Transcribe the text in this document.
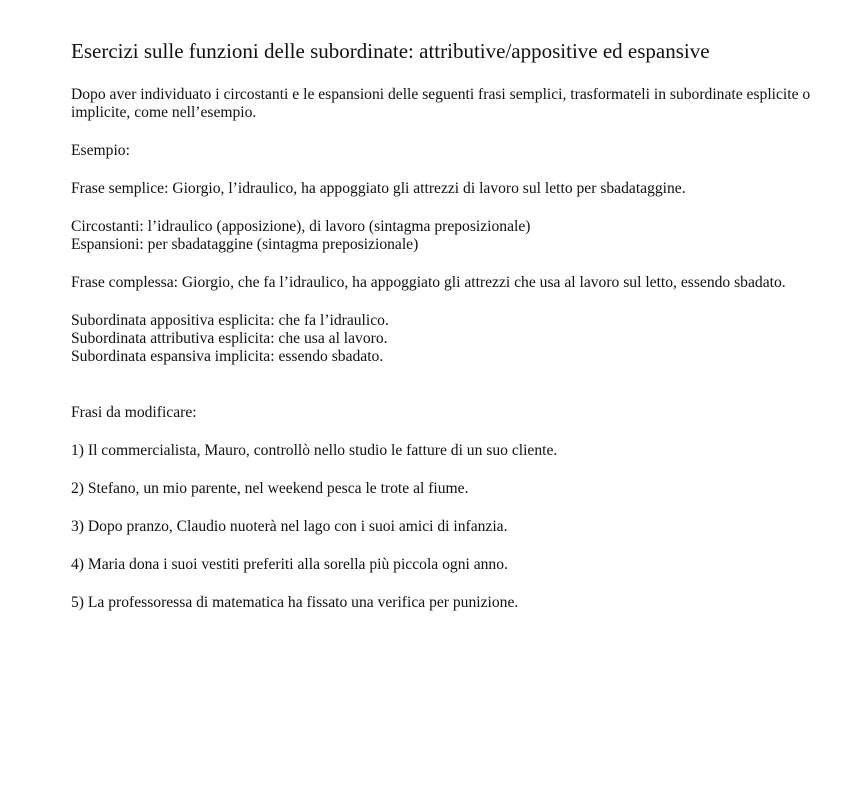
Esercizi sulle funzioni delle subordinate: attributive/appositive ed espansive

Dopo aver individuato i circostanti e le espansioni delle seguenti frasi semplici, trasformateli in subordinate esplicite o implicite, come nell’esempio.

Esempio:

Frase semplice: Giorgio, l’idraulico, ha appoggiato gli attrezzi di lavoro sul letto per sbadataggine.

Circostanti: l’idraulico (apposizione), di lavoro (sintagma preposizionale)

Espansioni: per sbadataggine (sintagma preposizionale)

Frase complessa: Giorgio, che fa l’idraulico, ha appoggiato gli attrezzi che usa al lavoro sul letto, essendo sbadato.

Subordinata appositiva esplicita: che fa l’idraulico.

Subordinata attributiva esplicita: che usa al lavoro.

Subordinata espansiva implicita: essendo sbadato.

Frasi da modificare:

1) Il commercialista, Mauro, controllò nello studio le fatture di un suo cliente.

2) Stefano, un mio parente, nel weekend pesca le trote al fiume.

3) Dopo pranzo, Claudio nuoterà nel lago con i suoi amici di infanzia.

4) Maria dona i suoi vestiti preferiti alla sorella più piccola ogni anno.

5) La professoressa di matematica ha fissato una verifica per punizione.
